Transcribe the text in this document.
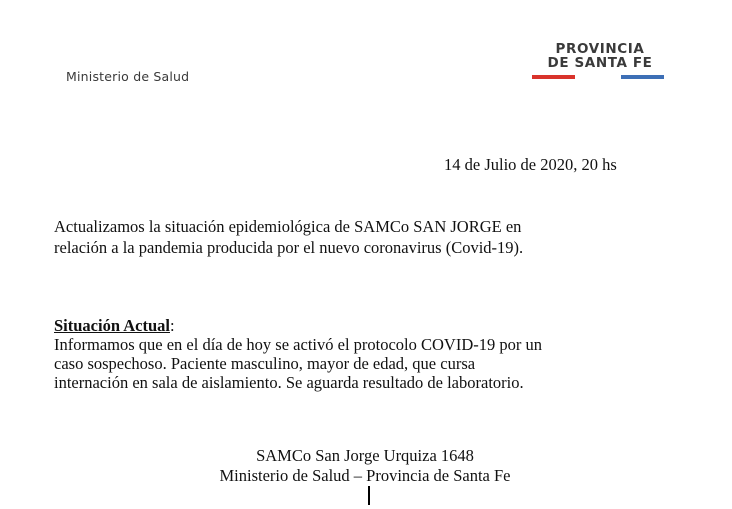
Ministerio de Salud
PROVINCIA
DE SANTA FE
14 de Julio de 2020, 20 hs
Actualizamos la situación epidemiológica de SAMCo SAN JORGE en
relación a la pandemia producida por el nuevo coronavirus (Covid-19).
Situación Actual:
Informamos que en el día de hoy se activó el protocolo COVID-19 por un
caso sospechoso. Paciente masculino, mayor de edad, que cursa
internación en sala de aislamiento. Se aguarda resultado de laboratorio.
SAMCo San Jorge Urquiza 1648
Ministerio de Salud – Provincia de Santa Fe
